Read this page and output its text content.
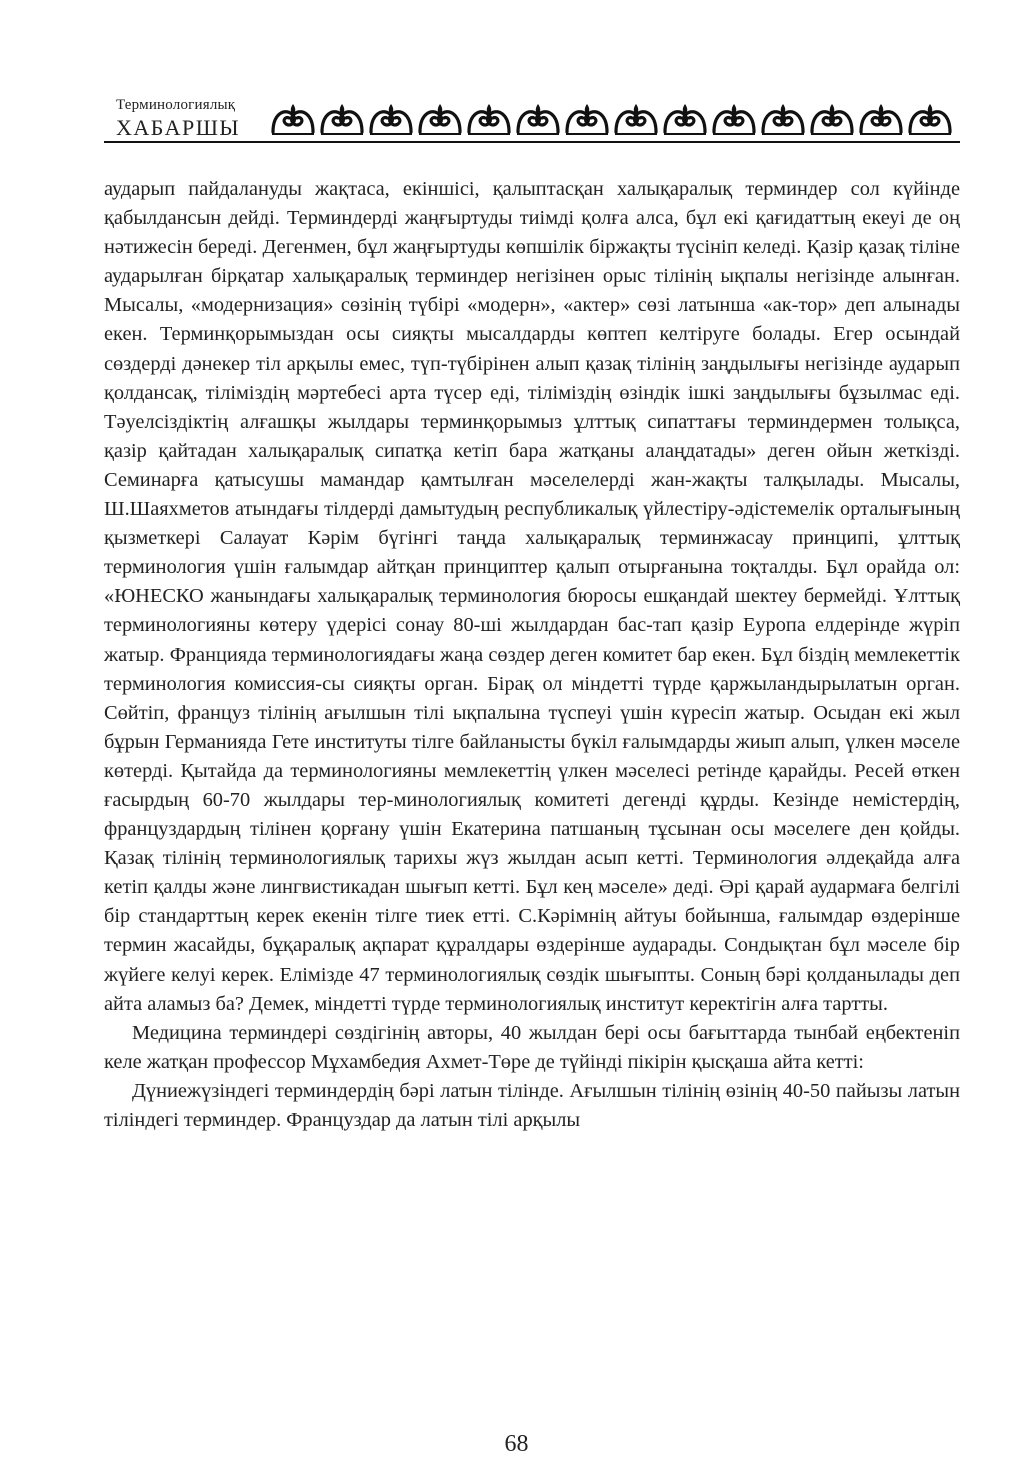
Терминологиялық
ХАБАРШЫ

аударып пайдалануды жақтаса, екіншісі, қалыптасқан халықаралық терминдер сол күйінде қабылдансын дейді. Терминдерді жаңғыртуды тиімді қолға алса, бұл екі қағидаттың екеуі де оң нәтижесін береді. Дегенмен, бұл жаңғыртуды көпшілік біржақты түсініп келеді. Қазір қазақ тіліне аударылған бірқатар халықаралық терминдер негізінен орыс тілінің ықпалы негізінде алынған. Мысалы, «модернизация» сөзінің түбірі «модерн», «актер» сөзі латынша «ак-тор» деп алынады екен. Терминқорымыздан осы сияқты мысалдарды көптеп келтіруге болады. Егер осындай сөздерді дәнекер тіл арқылы емес, түп-түбірінен алып қазақ тілінің заңдылығы негізінде аударып қолдансақ, тіліміздің мәртебесі арта түсер еді, тіліміздің өзіндік ішкі заңдылығы бұзылмас еді. Тәуелсіздіктің алғашқы жылдары терминқорымыз ұлттық сипаттағы терминдермен толықса, қазір қайтадан халықаралық сипатқа кетіп бара жатқаны алаңдатады» деген ойын жеткізді. Семинарға қатысушы мамандар қамтылған мәселелерді жан-жақты талқылады. Мысалы, Ш.Шаяхметов атындағы тілдерді дамытудың республикалық үйлестіру-әдістемелік орталығының қызметкері Салауат Кәрім бүгінгі таңда халықаралық терминжасау принципі, ұлттық терминология үшін ғалымдар айтқан принциптер қалып отырғанына тоқталды. Бұл орайда ол: «ЮНЕСКО жанындағы халықаралық терминология бюросы ешқандай шектеу бермейді. Ұлттық терминологияны көтеру үдерісі сонау 80-ші жылдардан бас-тап қазір Еуропа елдерінде жүріп жатыр. Францияда терминологиядағы жаңа сөздер деген комитет бар екен. Бұл біздің мемлекеттік терминология комиссия-сы сияқты орган. Бірақ ол міндетті түрде қаржыландырылатын орган. Сөйтіп, француз тілінің ағылшын тілі ықпалына түспеуі үшін күресіп жатыр. Осыдан екі жыл бұрын Германияда Гете институты тілге байланысты бүкіл ғалымдарды жиып алып, үлкен мәселе көтерді. Қытайда да терминологияны мемлекеттің үлкен мәселесі ретінде қарайды. Ресей өткен ғасырдың 60-70 жылдары тер-минологиялық комитеті дегенді құрды. Кезінде немістердің, француздардың тілінен қорғану үшін Екатерина патшаның тұсынан осы мәселеге ден қойды. Қазақ тілінің терминологиялық тарихы жүз жылдан асып кетті. Терминология әлдеқайда алға кетіп қалды және лингвистикадан шығып кетті. Бұл кең мәселе» деді. Әрі қарай аудармаға белгілі бір стандарттың керек екенін тілге тиек етті. С.Кәрімнің айтуы бойынша, ғалымдар өздерінше термин жасайды, бұқаралық ақпарат құралдары өздерінше аударады. Сондықтан бұл мәселе бір жүйеге келуі керек. Елімізде 47 терминологиялық сөздік шығыпты. Соның бәрі қолданылады деп айта аламыз ба? Демек, міндетті түрде терминологиялық институт керектігін алға тартты.

Медицина терминдері сөздігінің авторы, 40 жылдан бері осы бағыттарда тынбай еңбектеніп келе жатқан профессор Мұхамбедия Ахмет-Төре де түйінді пікірін қысқаша айта кетті:

Дүниежүзіндегі терминдердің бәрі латын тілінде. Ағылшын тілінің өзінің 40-50 пайызы латын тіліндегі терминдер. Француздар да латын тілі арқылы

68
